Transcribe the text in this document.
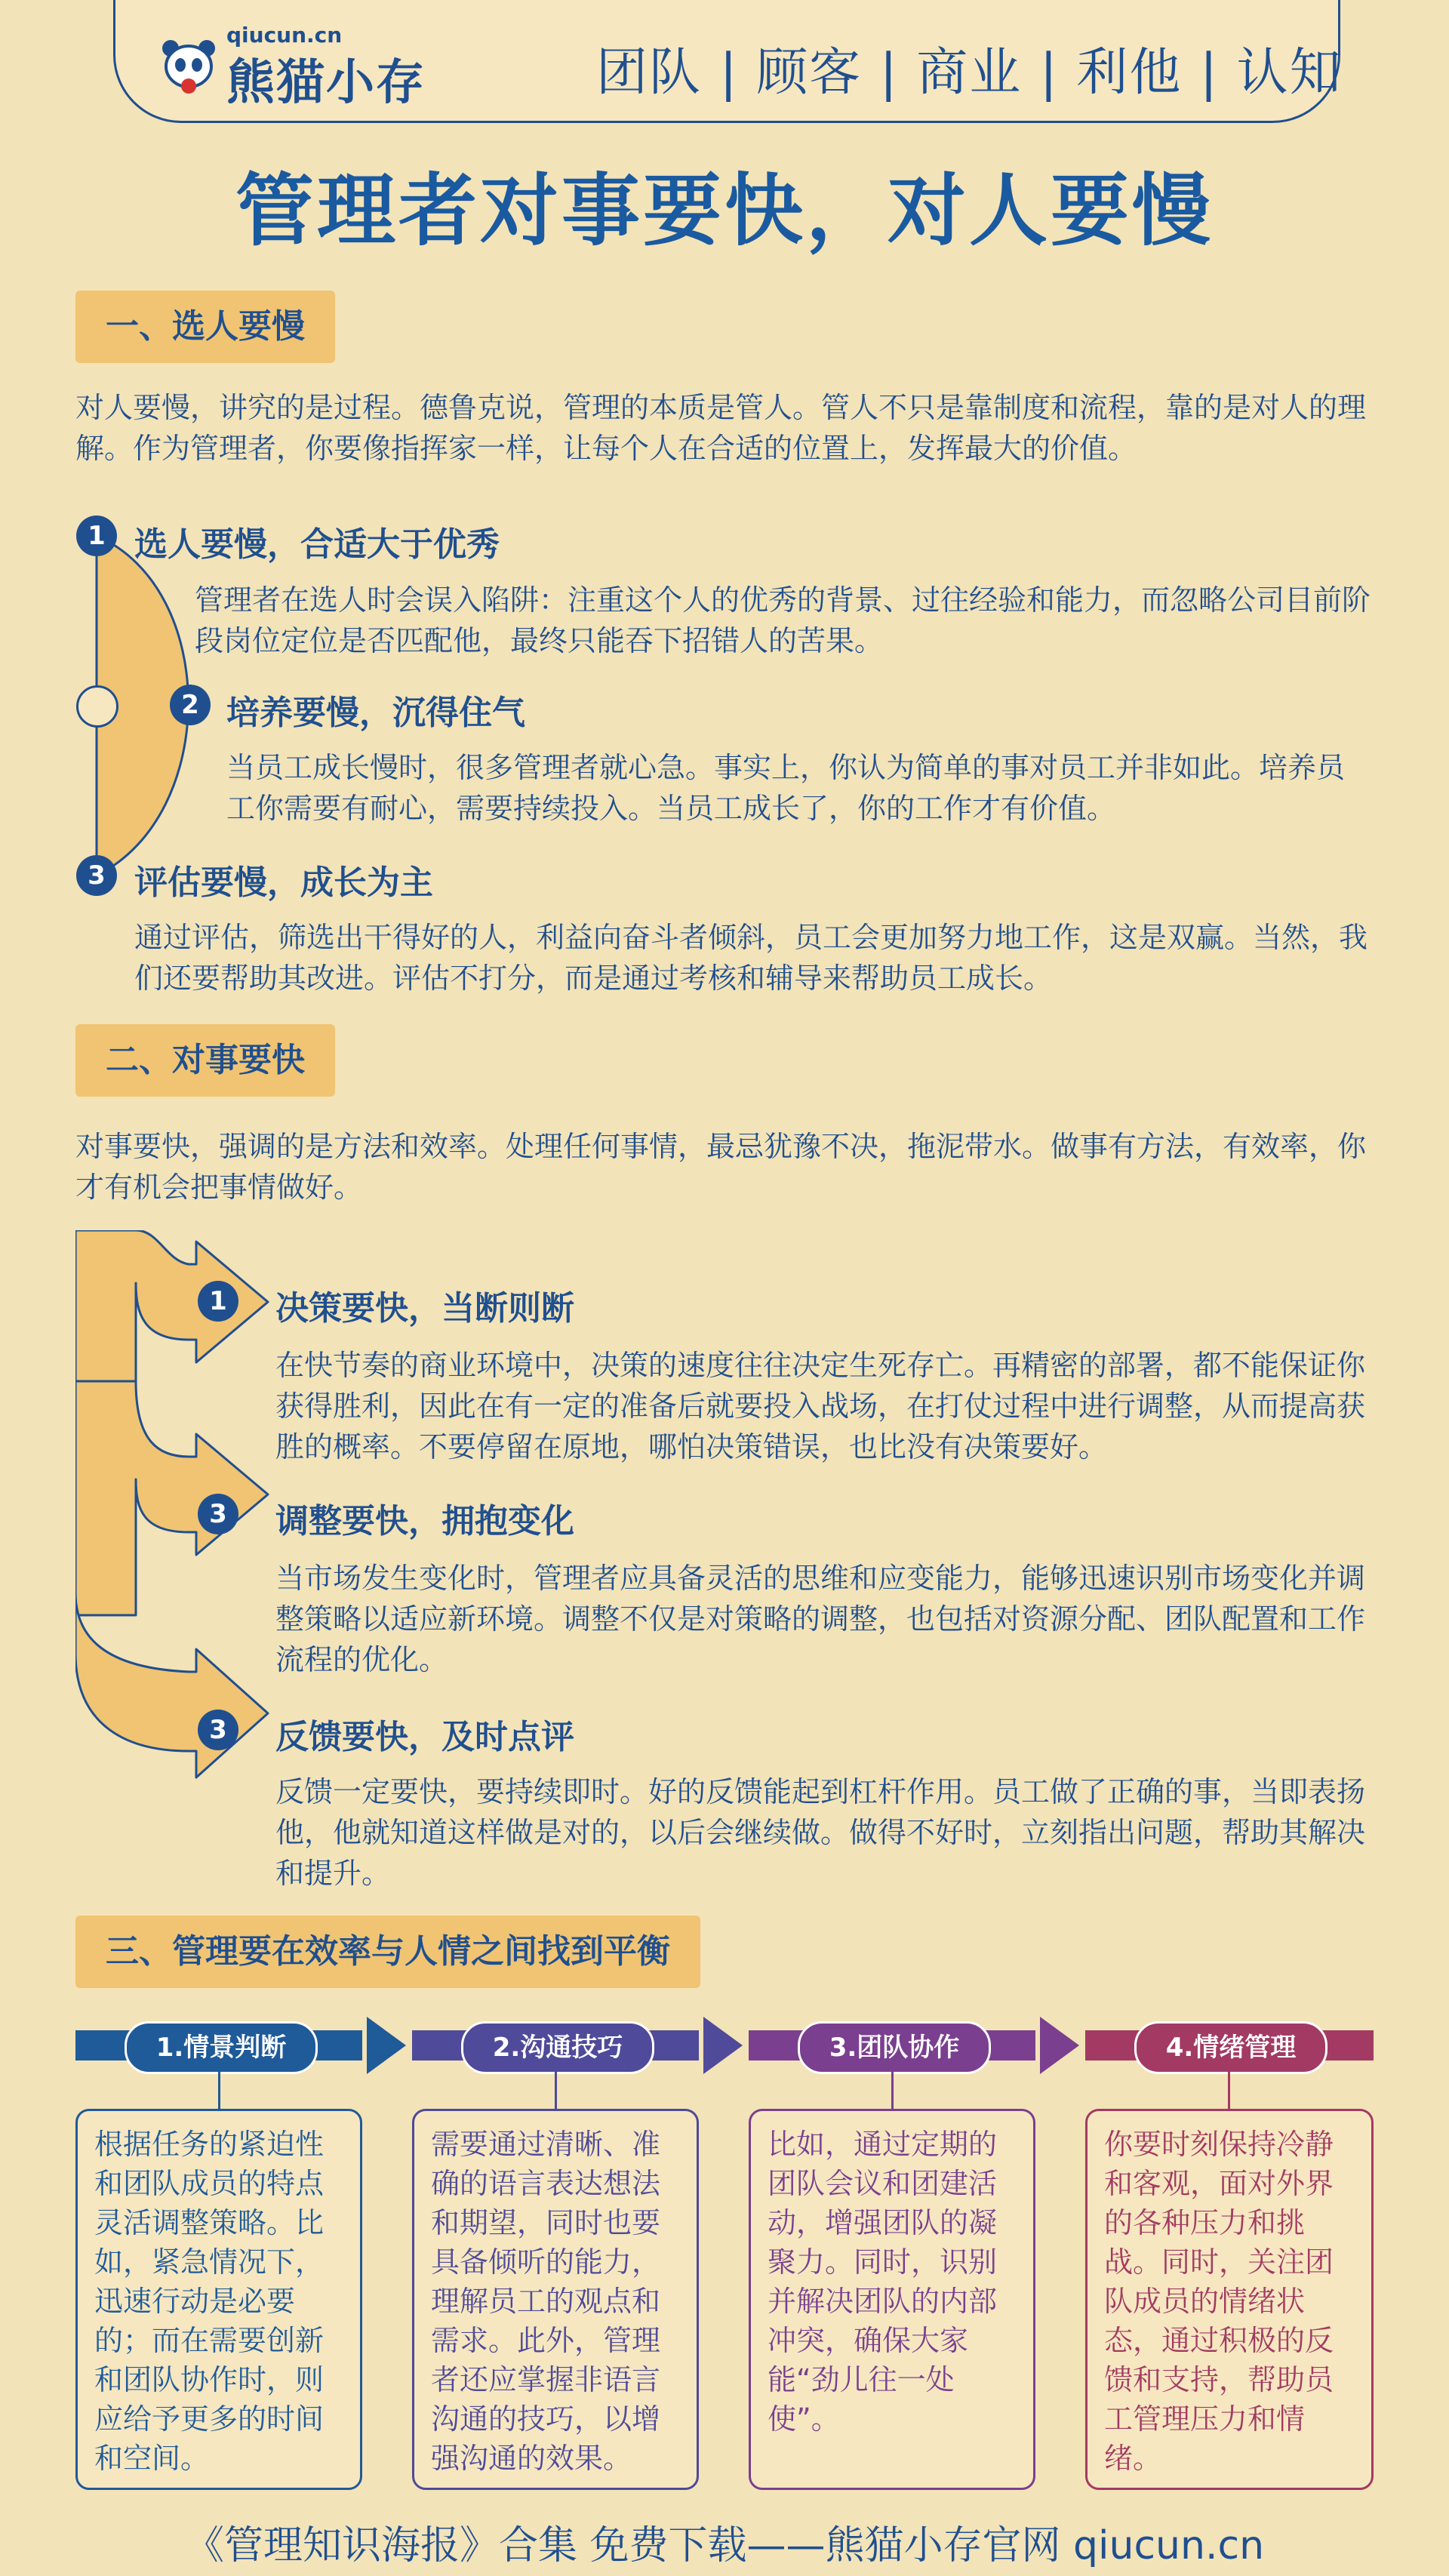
qiucun.cn
熊猫小存	团队 | 顾客 | 商业 | 利他 | 认知
管理者对事要快，对人要慢
一、选人要慢
对人要慢，讲究的是过程。德鲁克说，管理的本质是管人。管人不只是靠制度和流程，靠的是对人的理解。作为管理者，你要像指挥家一样，让每个人在合适的位置上，发挥最大的价值。
1
3
选人要慢，合适大于优秀
管理者在选人时会误入陷阱：注重这个人的优秀的背景、过往经验和能力，而忽略公司目前阶段岗位定位是否匹配他，最终只能吞下招错人的苦果。
2 培养要慢，沉得住气
当员工成长慢时，很多管理者就心急。事实上，你认为简单的事对员工并非如此。培养员工你需要有耐心，需要持续投入。当员工成长了，你的工作才有价值。
评估要慢，成长为主
通过评估，筛选出干得好的人，利益向奋斗者倾斜，员工会更加努力地工作，这是双赢。当然，我们还要帮助其改进。评估不打分，而是通过考核和辅导来帮助员工成长。
二、对事要快
对事要快，强调的是方法和效率。处理任何事情，最忌犹豫不决，拖泥带水。做事有方法，有效率，你才有机会把事情做好。
1	决策要快，当断则断
在快节奏的商业环境中，决策的速度往往决定生死存亡。再精密的部署，都不能保证你获得胜利，因此在有一定的准备后就要投入战场，在打仗过程中进行调整，从而提高获胜的概率。不要停留在原地，哪怕决策错误，也比没有决策要好。
3	调整要快，拥抱变化
当市场发生变化时，管理者应具备灵活的思维和应变能力，能够迅速识别市场变化并调整策略以适应新环境。调整不仅是对策略的调整，也包括对资源分配、团队配置和工作流程的优化。
3	反馈要快，及时点评
反馈一定要快，要持续即时。好的反馈能起到杠杆作用。员工做了正确的事，当即表扬他，他就知道这样做是对的，以后会继续做。做得不好时，立刻指出问题，帮助其解决和提升。
三、管理要在效率与人情之间找到平衡
1.情景判断	2.沟通技巧	3.团队协作	4.情绪管理
根据任务的紧迫性和团队成员的特点灵活调整策略。比如，紧急情况下，迅速行动是必要的；而在需要创新和团队协作时，则应给予更多的时间和空间。
需要通过清晰、准确的语言表达想法和期望，同时也要具备倾听的能力，理解员工的观点和需求。此外，管理者还应掌握非语言沟通的技巧，以增强沟通的效果。
比如，通过定期的团队会议和团建活动，增强团队的凝聚力。同时，识别并解决团队的内部冲突，确保大家能“劲儿往一处使”。
你要时刻保持冷静和客观，面对外界的各种压力和挑战。同时，关注团队成员的情绪状态，通过积极的反馈和支持，帮助员工管理压力和情绪。
《管理知识海报》合集 免费下载——熊猫小存官网 qiucun.cn
